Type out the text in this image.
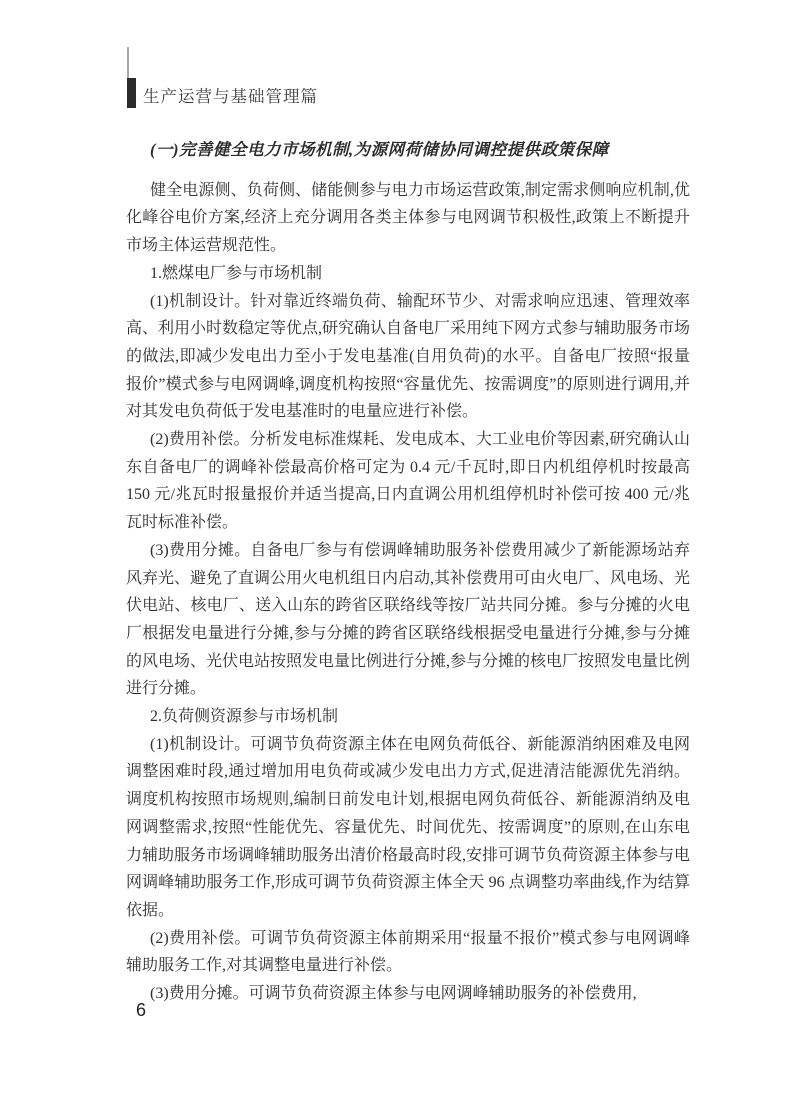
生产运营与基础管理篇
(一)完善健全电力市场机制,为源网荷储协同调控提供政策保障

健全电源侧、负荷侧、储能侧参与电力市场运营政策,制定需求侧响应机制,优化峰谷电价方案,经济上充分调用各类主体参与电网调节积极性,政策上不断提升市场主体运营规范性。

1.燃煤电厂参与市场机制

(1)机制设计。针对靠近终端负荷、输配环节少、对需求响应迅速、管理效率高、利用小时数稳定等优点,研究确认自备电厂采用纯下网方式参与辅助服务市场的做法,即减少发电出力至小于发电基准(自用负荷)的水平。自备电厂按照“报量报价”模式参与电网调峰,调度机构按照“容量优先、按需调度”的原则进行调用,并对其发电负荷低于发电基准时的电量应进行补偿。

(2)费用补偿。分析发电标准煤耗、发电成本、大工业电价等因素,研究确认山东自备电厂的调峰补偿最高价格可定为 0.4 元/千瓦时,即日内机组停机时按最高 150 元/兆瓦时报量报价并适当提高,日内直调公用机组停机时补偿可按 400 元/兆瓦时标准补偿。

(3)费用分摊。自备电厂参与有偿调峰辅助服务补偿费用减少了新能源场站弃风弃光、避免了直调公用火电机组日内启动,其补偿费用可由火电厂、风电场、光伏电站、核电厂、送入山东的跨省区联络线等按厂站共同分摊。参与分摊的火电厂根据发电量进行分摊,参与分摊的跨省区联络线根据受电量进行分摊,参与分摊的风电场、光伏电站按照发电量比例进行分摊,参与分摊的核电厂按照发电量比例进行分摊。

2.负荷侧资源参与市场机制

(1)机制设计。可调节负荷资源主体在电网负荷低谷、新能源消纳困难及电网调整困难时段,通过增加用电负荷或减少发电出力方式,促进清洁能源优先消纳。调度机构按照市场规则,编制日前发电计划,根据电网负荷低谷、新能源消纳及电网调整需求,按照“性能优先、容量优先、时间优先、按需调度”的原则,在山东电力辅助服务市场调峰辅助服务出清价格最高时段,安排可调节负荷资源主体参与电网调峰辅助服务工作,形成可调节负荷资源主体全天 96 点调整功率曲线,作为结算依据。

(2)费用补偿。可调节负荷资源主体前期采用“报量不报价”模式参与电网调峰辅助服务工作,对其调整电量进行补偿。

(3)费用分摊。可调节负荷资源主体参与电网调峰辅助服务的补偿费用,

6
